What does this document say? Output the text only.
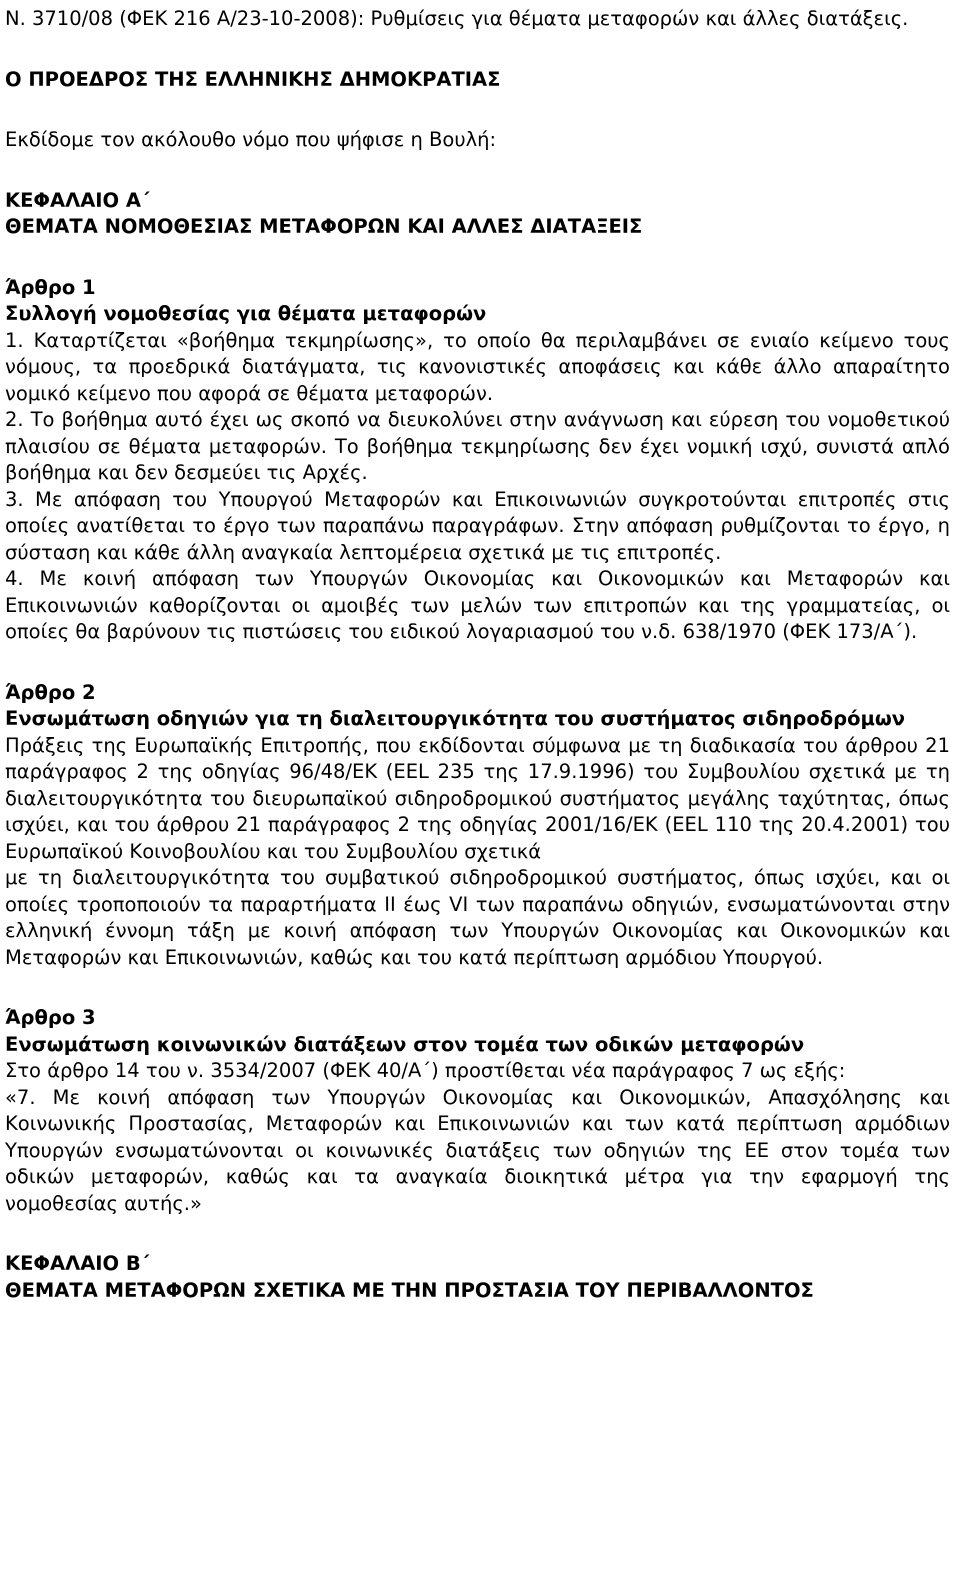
Ν. 3710/08 (ΦΕΚ 216 Α/23-10-2008): Ρυθμίσεις για θέματα μεταφορών και άλλες διατάξεις.

Ο ΠΡΟΕΔΡΟΣ ΤΗΣ ΕΛΛΗΝΙΚΗΣ ΔΗΜΟΚΡΑΤΙΑΣ

Εκδίδομε τον ακόλουθο νόμο που ψήφισε η Βουλή:

ΚΕΦΑΛΑΙΟ Α΄

ΘΕΜΑΤΑ ΝΟΜΟΘΕΣΙΑΣ ΜΕΤΑΦΟΡΩΝ ΚΑΙ ΑΛΛΕΣ ΔΙΑΤΑΞΕΙΣ

Άρθρο 1

Συλλογή νομοθεσίας για θέματα μεταφορών

1. Καταρτίζεται «βοήθημα τεκμηρίωσης», το οποίο θα περιλαμβάνει σε ενιαίο κείμενο τους νόμους, τα προεδρικά διατάγματα, τις κανονιστικές αποφάσεις και κάθε άλλο απαραίτητο νομικό κείμενο που αφορά σε θέματα μεταφορών.

2. Το βοήθημα αυτό έχει ως σκοπό να διευκολύνει στην ανάγνωση και εύρεση του νομοθετικού πλαισίου σε θέματα μεταφορών. Το βοήθημα τεκμηρίωσης δεν έχει νομική ισχύ, συνιστά απλό βοήθημα και δεν δεσμεύει τις Αρχές.

3. Με απόφαση του Υπουργού Μεταφορών και Επικοινωνιών συγκροτούνται επιτροπές στις οποίες ανατίθεται το έργο των παραπάνω παραγράφων. Στην απόφαση ρυθμίζονται το έργο, η σύσταση και κάθε άλλη αναγκαία λεπτομέρεια σχετικά με τις επιτροπές.

4. Με κοινή απόφαση των Υπουργών Οικονομίας και Οικονομικών και Μεταφορών και Επικοινωνιών καθορίζονται οι αμοιβές των μελών των επιτροπών και της γραμματείας, οι οποίες θα βαρύνουν τις πιστώσεις του ειδικού λογαριασμού του ν.δ. 638/1970 (ΦΕΚ 173/Α΄).

Άρθρο 2

Ενσωμάτωση οδηγιών για τη διαλειτουργικότητα του συστήματος σιδηροδρόμων

Πράξεις της Ευρωπαϊκής Επιτροπής, που εκδίδονται σύμφωνα με τη διαδικασία του άρθρου 21 παράγραφος 2 της οδηγίας 96/48/ΕΚ (EEL 235 της 17.9.1996) του Συμβουλίου σχετικά με τη διαλειτουργικότητα του διευρωπαϊκού σιδηροδρομικού συστήματος μεγάλης ταχύτητας, όπως ισχύει, και του άρθρου 21 παράγραφος 2 της οδηγίας 2001/16/ΕΚ (EEL 110 της 20.4.2001) του Ευρωπαϊκού Κοινοβουλίου και του Συμβουλίου σχετικά

με τη διαλειτουργικότητα του συμβατικού σιδηροδρομικού συστήματος, όπως ισχύει, και οι οποίες τροποποιούν τα παραρτήματα ΙΙ έως VI των παραπάνω οδηγιών, ενσωματώνονται στην ελληνική έννομη τάξη με κοινή απόφαση των Υπουργών Οικονομίας και Οικονομικών και Μεταφορών και Επικοινωνιών, καθώς και του κατά περίπτωση αρμόδιου Υπουργού.

Άρθρο 3

Ενσωμάτωση κοινωνικών διατάξεων στον τομέα των οδικών μεταφορών

Στο άρθρο 14 του ν. 3534/2007 (ΦΕΚ 40/Α΄) προστίθεται νέα παράγραφος 7 ως εξής:

«7. Με κοινή απόφαση των Υπουργών Οικονομίας και Οικονομικών, Απασχόλησης και Κοινωνικής Προστασίας, Μεταφορών και Επικοινωνιών και των κατά περίπτωση αρμόδιων Υπουργών ενσωματώνονται οι κοινωνικές διατάξεις των οδηγιών της ΕΕ στον τομέα των οδικών μεταφορών, καθώς και τα αναγκαία διοικητικά μέτρα για την εφαρμογή της νομοθεσίας αυτής.»

ΚΕΦΑΛΑΙΟ Β΄

ΘΕΜΑΤΑ ΜΕΤΑΦΟΡΩΝ ΣΧΕΤΙΚΑ ΜΕ ΤΗΝ ΠΡΟΣΤΑΣΙΑ ΤΟΥ ΠΕΡΙΒΑΛΛΟΝΤΟΣ
